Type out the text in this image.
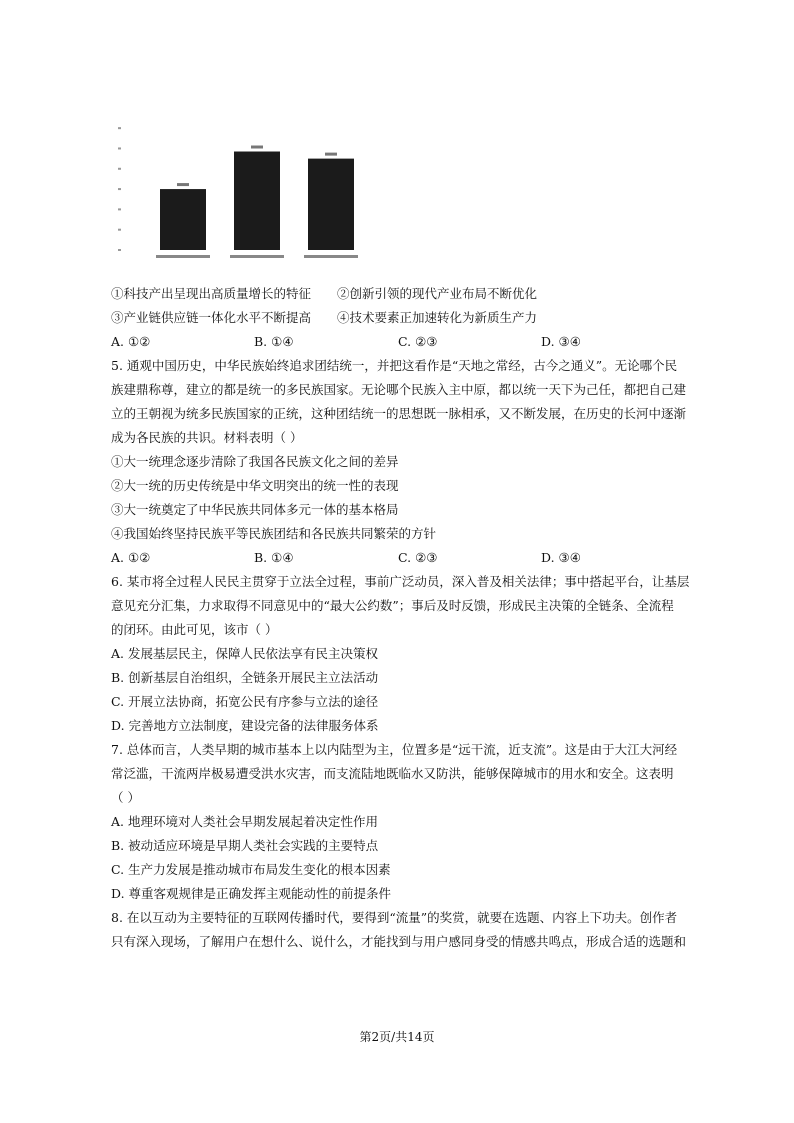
①科技产出呈现出高质量增长的特征 ②创新引领的现代产业布局不断优化
③产业链供应链一体化水平不断提高 ④技术要素正加速转化为新质生产力
A. ①②	B. ①④	C. ②③	D. ③④
5. 通观中国历史，中华民族始终追求团结统一，并把这看作是“天地之常经，古今之通义”。无论哪个民
族建鼎称尊，建立的都是统一的多民族国家。无论哪个民族入主中原，都以统一天下为己任，都把自己建
立的王朝视为统多民族国家的正统，这种团结统一的思想既一脉相承，又不断发展，在历史的长河中逐渐
成为各民族的共识。材料表明（ ）
①大一统理念逐步清除了我国各民族文化之间的差异
②大一统的历史传统是中华文明突出的统一性的表现
③大一统奠定了中华民族共同体多元一体的基本格局
④我国始终坚持民族平等民族团结和各民族共同繁荣的方针
A. ①②	B. ①④	C. ②③	D. ③④
6. 某市将全过程人民民主贯穿于立法全过程，事前广泛动员，深入普及相关法律；事中搭起平台，让基层
意见充分汇集，力求取得不同意见中的“最大公约数”；事后及时反馈，形成民主决策的全链条、全流程
的闭环。由此可见，该市（ ）
A. 发展基层民主，保障人民依法享有民主决策权
B. 创新基层自治组织，全链条开展民主立法活动
C. 开展立法协商，拓宽公民有序参与立法的途径
D. 完善地方立法制度，建设完备的法律服务体系
7. 总体而言，人类早期的城市基本上以内陆型为主，位置多是“远干流，近支流”。这是由于大江大河经
常泛滥，干流两岸极易遭受洪水灾害，而支流陆地既临水又防洪，能够保障城市的用水和安全。这表明
（ ）
A. 地理环境对人类社会早期发展起着决定性作用
B. 被动适应环境是早期人类社会实践的主要特点
C. 生产力发展是推动城市布局发生变化的根本因素
D. 尊重客观规律是正确发挥主观能动性的前提条件
8. 在以互动为主要特征的互联网传播时代，要得到“流量”的奖赏，就要在选题、内容上下功夫。创作者
只有深入现场，了解用户在想什么、说什么，才能找到与用户感同身受的情感共鸣点，形成合适的选题和
第2页/共14页
